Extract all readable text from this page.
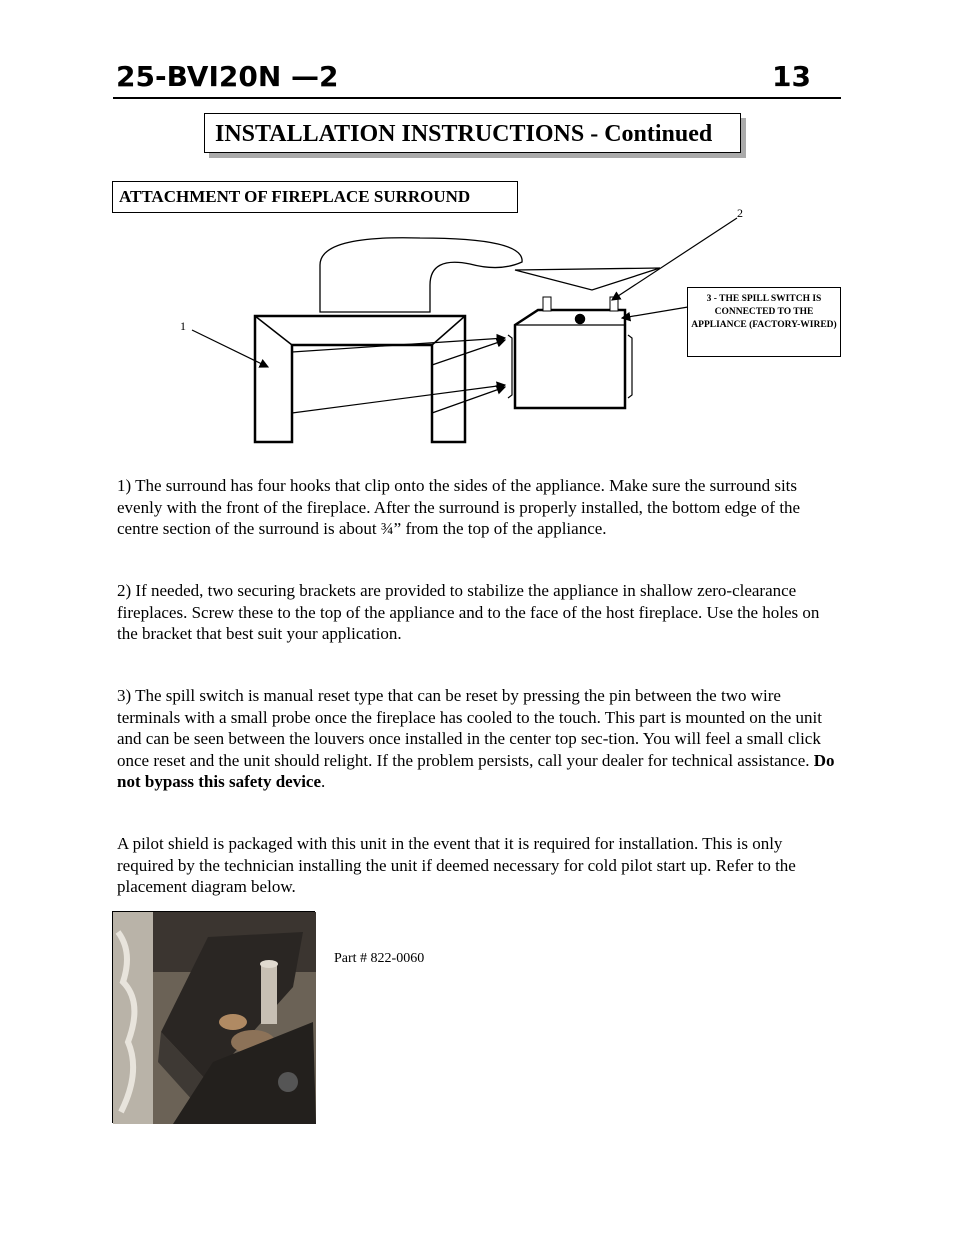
25-BVI20N —2	13
INSTALLATION INSTRUCTIONS - Continued
ATTACHMENT OF FIREPLACE SURROUND
1
2
3 - THE SPILL SWITCH IS CONNECTED TO THE APPLIANCE (FACTORY-WIRED)
1) The surround has four hooks that clip onto the sides of the appliance. Make sure the surround sits evenly with the front of the fireplace. After the surround is properly installed, the bottom edge of the centre section of the surround is about ¾” from the top of the appliance.
2) If needed, two securing brackets are provided to stabilize the appliance in shallow zero-clearance fireplaces. Screw these to the top of the appliance and to the face of the host fireplace. Use the holes on the bracket that best suit your application.
3) The spill switch is manual reset type that can be reset by pressing the pin between the two wire terminals with a small probe once the fireplace has cooled to the touch. This part is mounted on the unit and can be seen between the louvers once installed in the center top sec-tion. You will feel a small click once reset and the unit should relight. If the problem persists, call your dealer for technical assistance. Do not bypass this safety device.
A pilot shield is packaged with this unit in the event that it is required for installation. This is only required by the technician installing the unit if deemed necessary for cold pilot start up. Refer to the placement diagram below.
Part # 822-0060
